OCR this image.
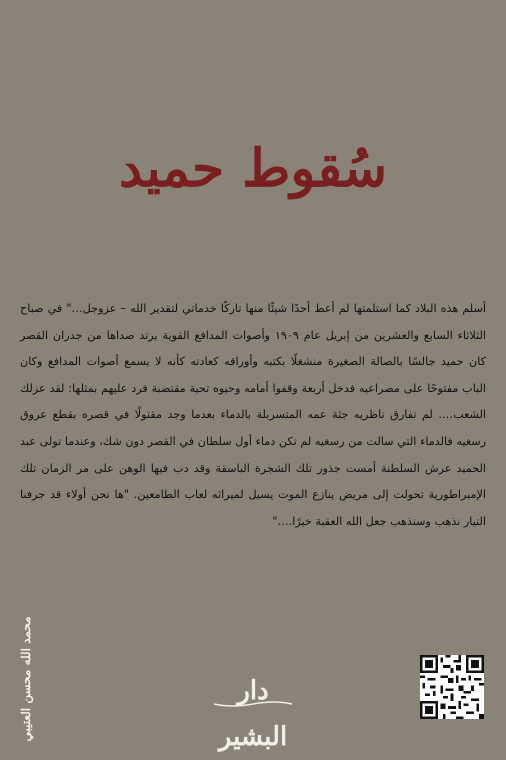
سُقوط حميد

أسلم هذه البلاد كما استلمتها لم أعط أحدًا شيئًا منها تاركًا خدماتي لتقدير الله – عزوجل…" في صباح الثلاثاء السابع والعشرين من إبريل عام ١٩٠٩ وأصوات المدافع القوية يرتد صداها من جدران القصر كان حميد جالسًا بالصالة الصغيرة منشغلًا بكتبه وأوراقه كعادته كأنه لا يسمع أصوات المدافع وكان الباب مفتوحًا على مصراعيه فدخل أربعة وقفوا أمامه وحيوه تحية مقتضبة فرد عليهم بمثلها: لقد عزلك الشعب…. لم تفارق ناظريه جثة عمه المتسربلة بالدماء بعدما وجد مقتولًا في قصره بقطع عروق رسغيه فالدماء التي سالت من رسغيه لم تكن دماء أول سلطان في القصر دون شك، وعندما تولى عبد الحميد عرش السلطنة أمست جذور تلك الشجرة الباسقة وقد دب فيها الوهن على مر الزمان تلك الإمبراطورية تحولت إلى مريض ينازع الموت يسيل لميراثه لعاب الطامعين. "ها نحن أولاء قد جرفنا التيار نذهب وسنذهب جعل الله العقبة خيرًا…."

محمد الله محسن العتيبي	دار البشير
